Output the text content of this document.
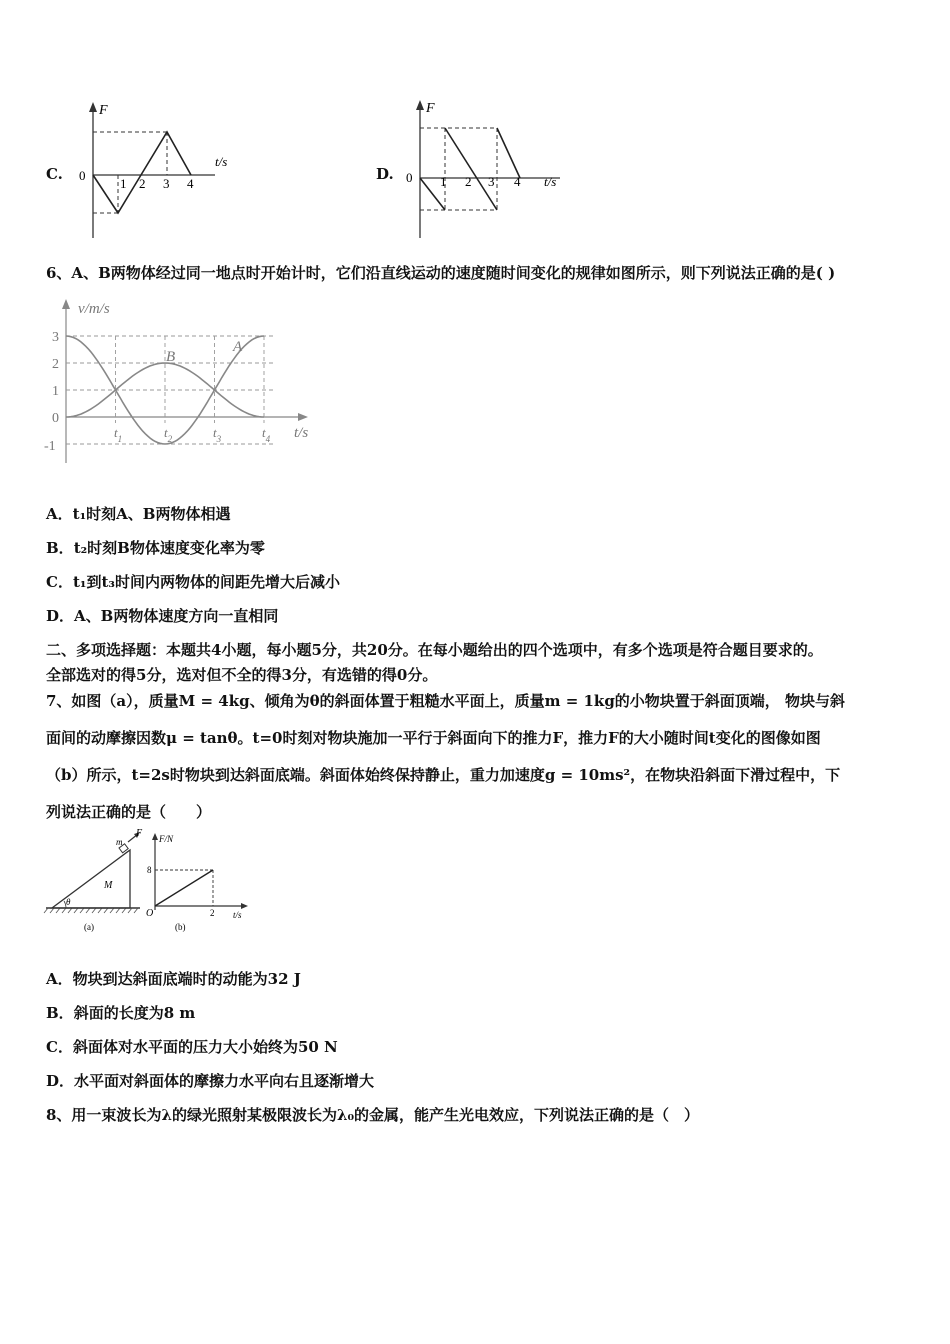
C.
F
t/s
0
1 2 3 4
D.
F
t/s
0 1 2 3 4
6、A、B两物体经过同一地点时开始计时，它们沿直线运动的速度随时间变化的规律如图所示，则下列说法正确的是( )
v/m/s
t/s
3
2
1
0
-1
$t_1$	$t_2$	$t_3$	$t_4$
B
A
A．t₁时刻A、B两物体相遇
B．t₂时刻B物体速度变化率为零
C．t₁到t₃时间内两物体的间距先增大后减小
D．A、B两物体速度方向一直相同
二、多项选择题：本题共4小题，每小题5分，共20分。在每小题给出的四个选项中，有多个选项是符合题目要求的。
全部选对的得5分，选对但不全的得3分，有选错的得0分。
7、如图（a），质量M = 4kg、倾角为θ的斜面体置于粗糙水平面上，质量m = 1kg的小物块置于斜面顶端， 物块与斜
面间的动摩擦因数μ = tanθ。t=0时刻对物块施加一平行于斜面向下的推力F，推力F的大小随时间t变化的图像如图
（b）所示，t=2s时物块到达斜面底端。斜面体始终保持静止，重力加速度g = 10ms²，在物块沿斜面下滑过程中，下
列说法正确的是（　　）
F
m
M
θ
(a)
F/N
t/s
O
8
2
(b)
A．物块到达斜面底端时的动能为32 J
B．斜面的长度为8 m
C．斜面体对水平面的压力大小始终为50 N
D．水平面对斜面体的摩擦力水平向右且逐渐增大
8、用一束波长为λ的绿光照射某极限波长为λ₀的金属，能产生光电效应，下列说法正确的是（　）
